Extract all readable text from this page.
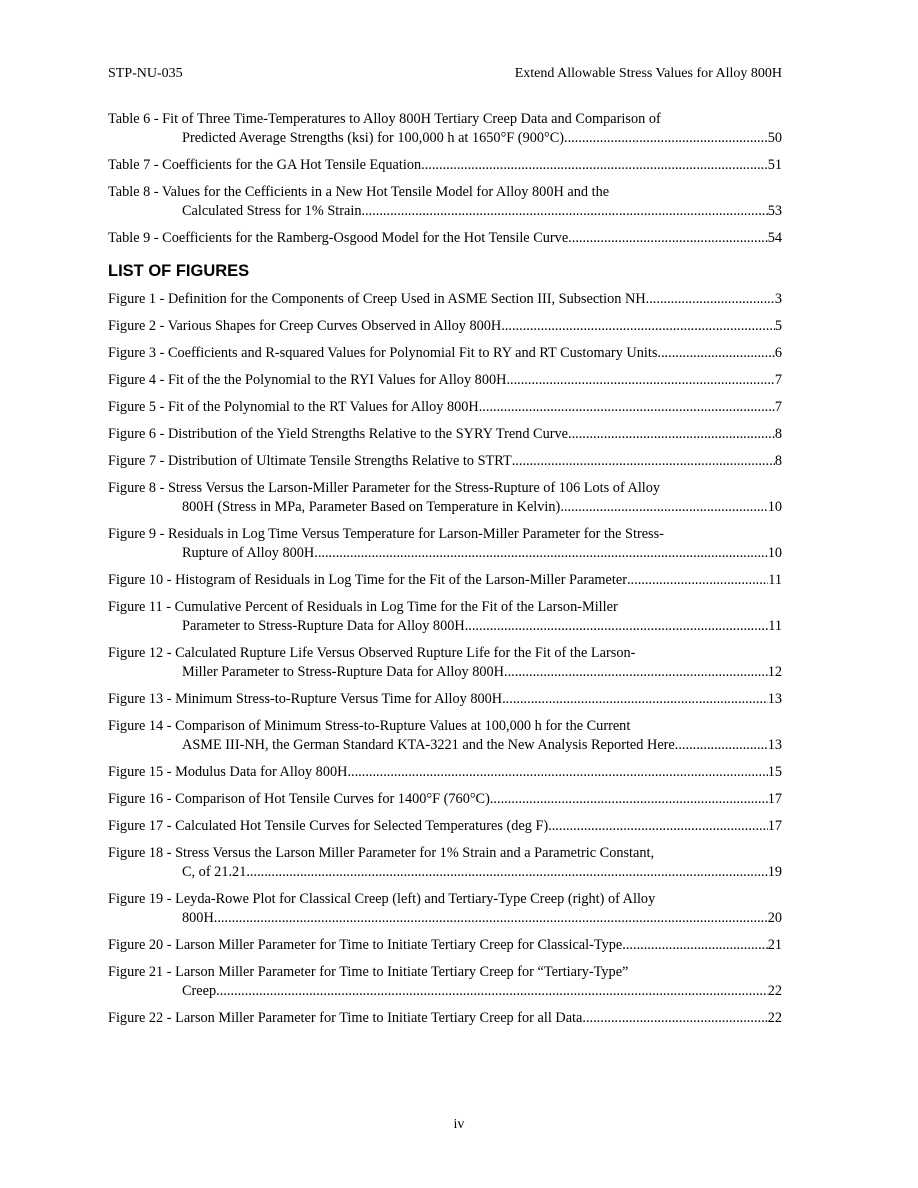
STP-NU-035	Extend Allowable Stress Values for Alloy 800H
Table 6 - Fit of Three Time-Temperatures to Alloy 800H Tertiary Creep Data and Comparison of
Predicted Average Strengths (ksi) for 100,000 h at 1650°F (900°C) .....	50
Table 7 - Coefficients for the GA Hot Tensile Equation .....	51
Table 8 - Values for the Cefficients in a New Hot Tensile Model for Alloy 800H and the
Calculated Stress for 1% Strain .....	53
Table 9 - Coefficients for the Ramberg-Osgood Model for the Hot Tensile Curve .....	54
LIST OF FIGURES
Figure 1 - Definition for the Components of Creep Used in ASME Section III, Subsection NH .....	3
Figure 2 - Various Shapes for Creep Curves Observed in Alloy 800H .....	5
Figure 3 - Coefficients and R-squared Values for Polynomial Fit to RY and RT Customary Units .....	6
Figure 4 - Fit of the the Polynomial to the RYI Values for Alloy 800H .....	7
Figure 5 - Fit of the Polynomial to the RT Values for Alloy 800H .....	7
Figure 6 - Distribution of the Yield Strengths Relative to the SYRY Trend Curve .....	8
Figure 7 - Distribution of Ultimate Tensile Strengths Relative to STRT .....	8
Figure 8 - Stress Versus the Larson-Miller Parameter for the Stress-Rupture of 106 Lots of Alloy
800H (Stress in MPa, Parameter Based on Temperature in Kelvin) .....	10
Figure 9 - Residuals in Log Time Versus Temperature for Larson-Miller Parameter for the Stress-
Rupture of Alloy 800H .....	10
Figure 10 - Histogram of Residuals in Log Time for the Fit of the Larson-Miller Parameter .....	11
Figure 11 - Cumulative Percent of Residuals in Log Time for the Fit of the Larson-Miller
Parameter to Stress-Rupture Data for Alloy 800H .....	11
Figure 12 - Calculated Rupture Life Versus Observed Rupture Life for the Fit of the Larson-
Miller Parameter to Stress-Rupture Data for Alloy 800H .....	12
Figure 13 - Minimum Stress-to-Rupture Versus Time for Alloy 800H .....	13
Figure 14 - Comparison of Minimum Stress-to-Rupture Values at 100,000 h for the Current
ASME III-NH, the German Standard KTA-3221 and the New Analysis Reported Here .....	13
Figure 15 - Modulus Data for Alloy 800H .....	15
Figure 16 - Comparison of Hot Tensile Curves for 1400°F (760°C) .....	17
Figure 17 - Calculated Hot Tensile Curves for Selected Temperatures (deg F) .....	17
Figure 18 - Stress Versus the Larson Miller Parameter for 1% Strain and a Parametric Constant,
C, of 21.21 .....	19
Figure 19 - Leyda-Rowe Plot for Classical Creep (left) and Tertiary-Type Creep (right) of Alloy
800H .....	20
Figure 20 - Larson Miller Parameter for Time to Initiate Tertiary Creep for Classical-Type .....	21
Figure 21 - Larson Miller Parameter for Time to Initiate Tertiary Creep for “Tertiary-Type”
Creep .....	22
Figure 22 - Larson Miller Parameter for Time to Initiate Tertiary Creep for all Data .....	22
iv
